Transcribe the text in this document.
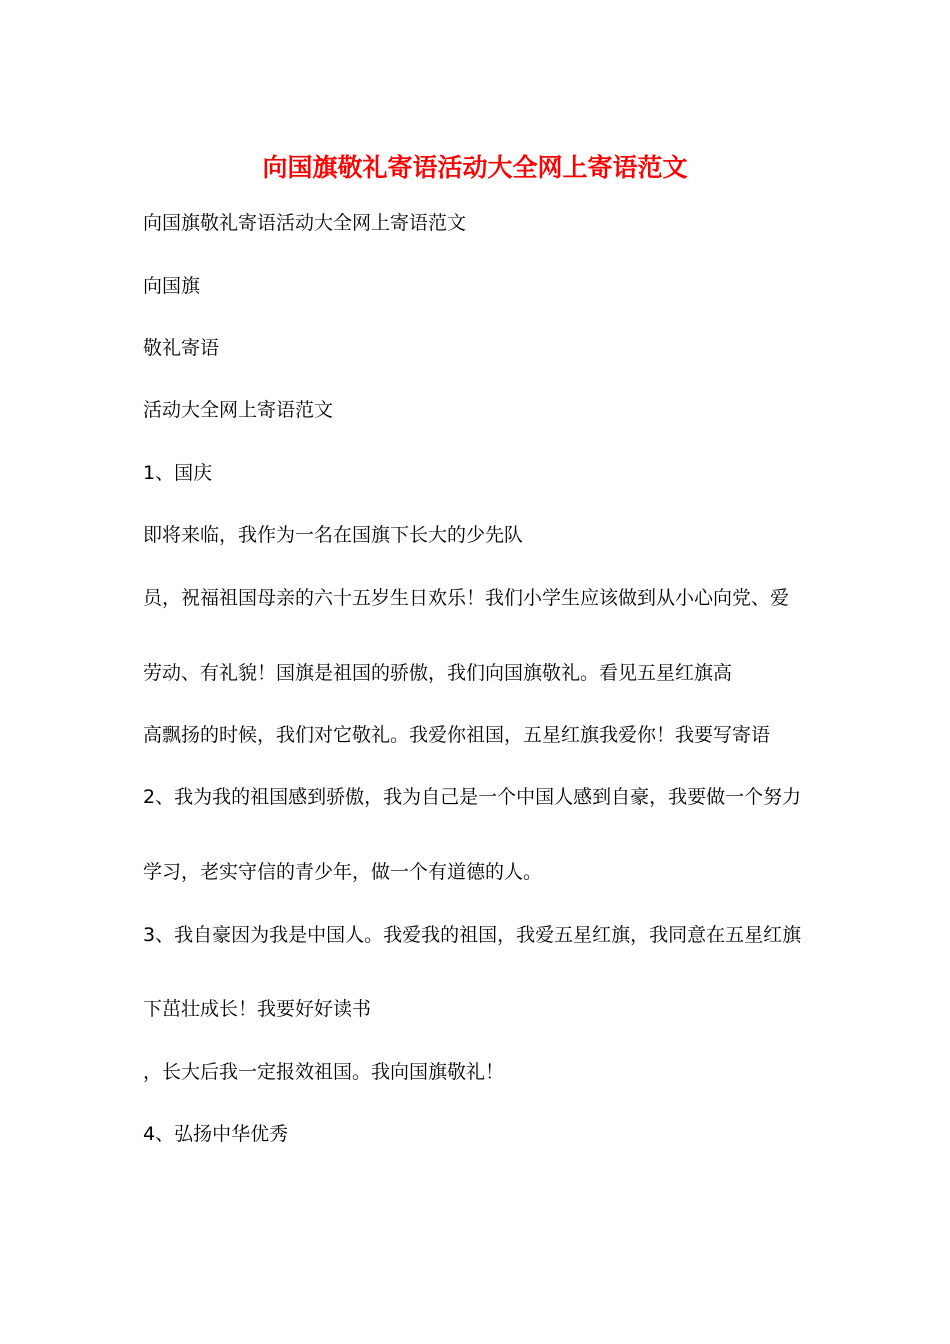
向国旗敬礼寄语活动大全网上寄语范文
向国旗敬礼寄语活动大全网上寄语范文
向国旗
敬礼寄语
活动大全网上寄语范文
1、国庆
即将来临，我作为一名在国旗下长大的少先队
员，祝福祖国母亲的六十五岁生日欢乐！我们小学生应该做到从小心向党、爱
劳动、有礼貌！国旗是祖国的骄傲，我们向国旗敬礼。看见五星红旗高
高飘扬的时候，我们对它敬礼。我爱你祖国，五星红旗我爱你！我要写寄语
2、我为我的祖国感到骄傲，我为自己是一个中国人感到自豪，我要做一个努力
学习，老实守信的青少年，做一个有道德的人。
3、我自豪因为我是中国人。我爱我的祖国，我爱五星红旗，我同意在五星红旗
下茁壮成长！我要好好读书
，长大后我一定报效祖国。我向国旗敬礼！
4、弘扬中华优秀
